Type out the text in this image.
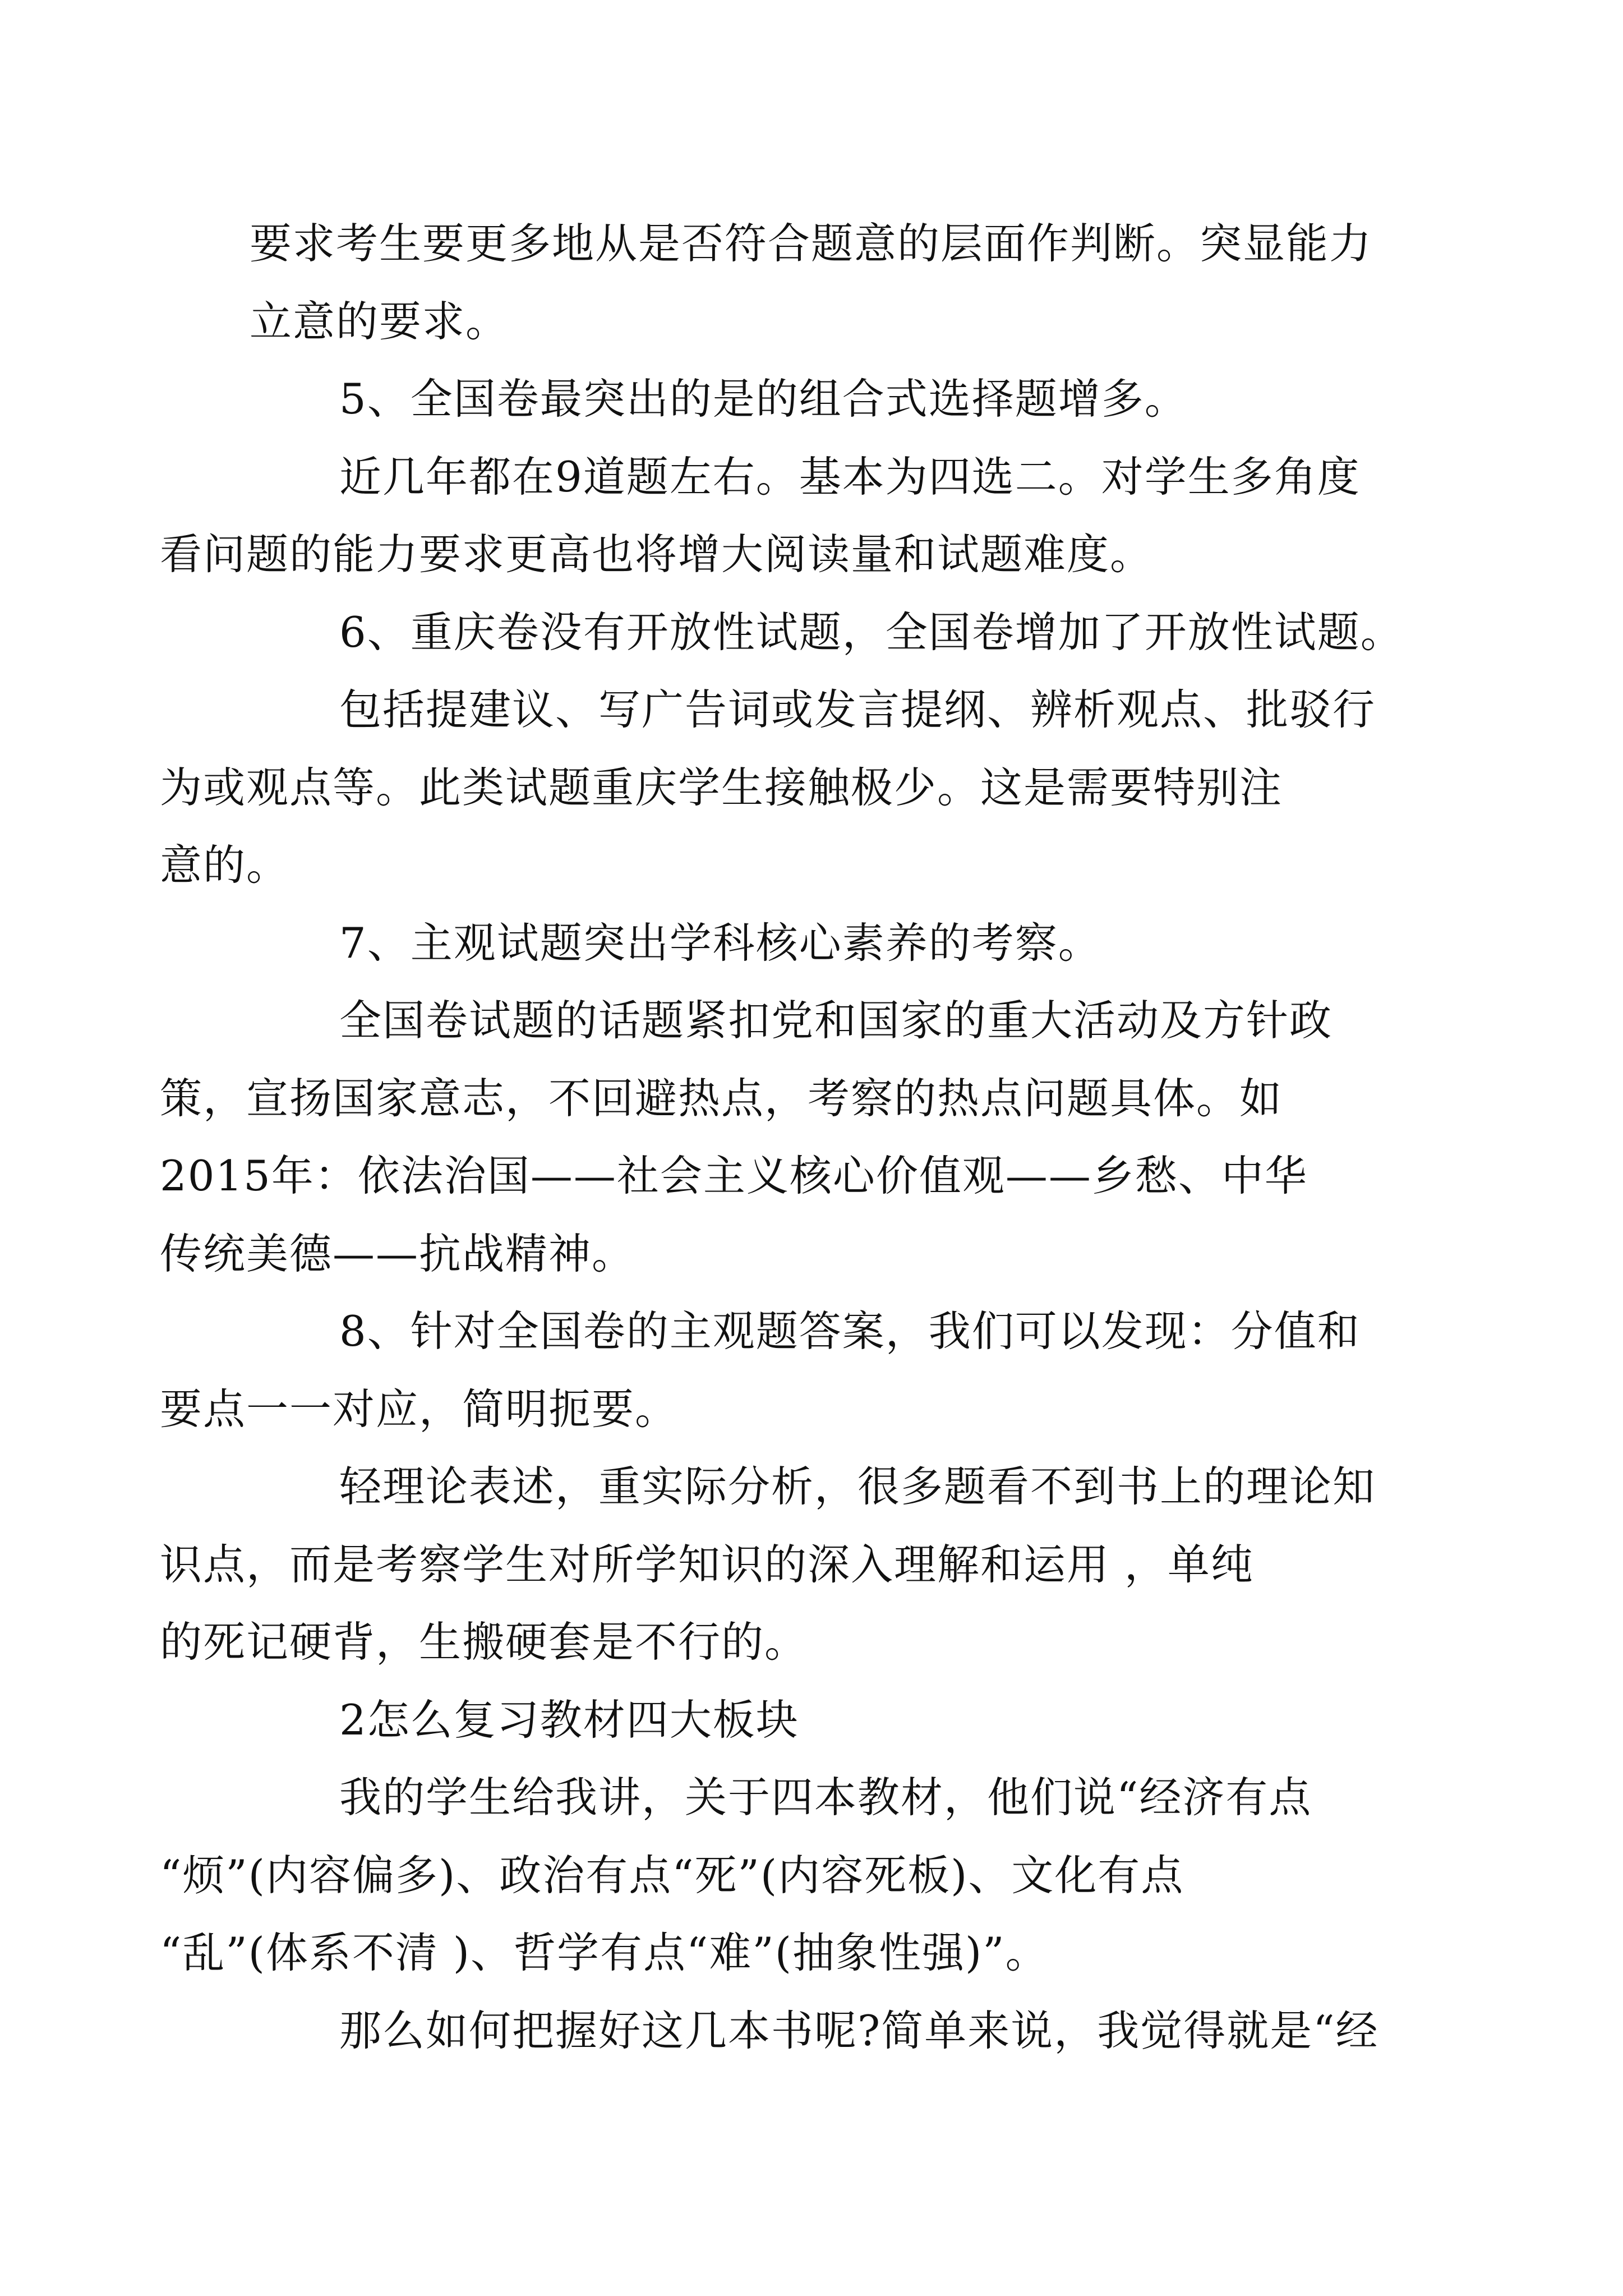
要求考生要更多地从是否符合题意的层面作判断。突显能力
立意的要求。
5、全国卷最突出的是的组合式选择题增多。
近几年都在9道题左右。基本为四选二。对学生多角度
看问题的能力要求更高也将增大阅读量和试题难度。
6、重庆卷没有开放性试题，全国卷增加了开放性试题。
包括提建议、写广告词或发言提纲、辨析观点、批驳行
为或观点等。此类试题重庆学生接触极少。这是需要特别注
意的。
7、主观试题突出学科核心素养的考察。
全国卷试题的话题紧扣党和国家的重大活动及方针政
策，宣扬国家意志，不回避热点，考察的热点问题具体。如
2015年：依法治国——社会主义核心价值观——乡愁、中华
传统美德——抗战精神。
8、针对全国卷的主观题答案，我们可以发现：分值和
要点一一对应，简明扼要。
轻理论表述，重实际分析，很多题看不到书上的理论知
识点，而是考察学生对所学知识的深入理解和运用 ，单纯
的死记硬背，生搬硬套是不行的。
2怎么复习教材四大板块
我的学生给我讲，关于四本教材，他们说“经济有点
“烦”(内容偏多)、政治有点“死”(内容死板)、文化有点
“乱”(体系不清 )、哲学有点“难”(抽象性强)”。
那么如何把握好这几本书呢?简单来说，我觉得就是“经
